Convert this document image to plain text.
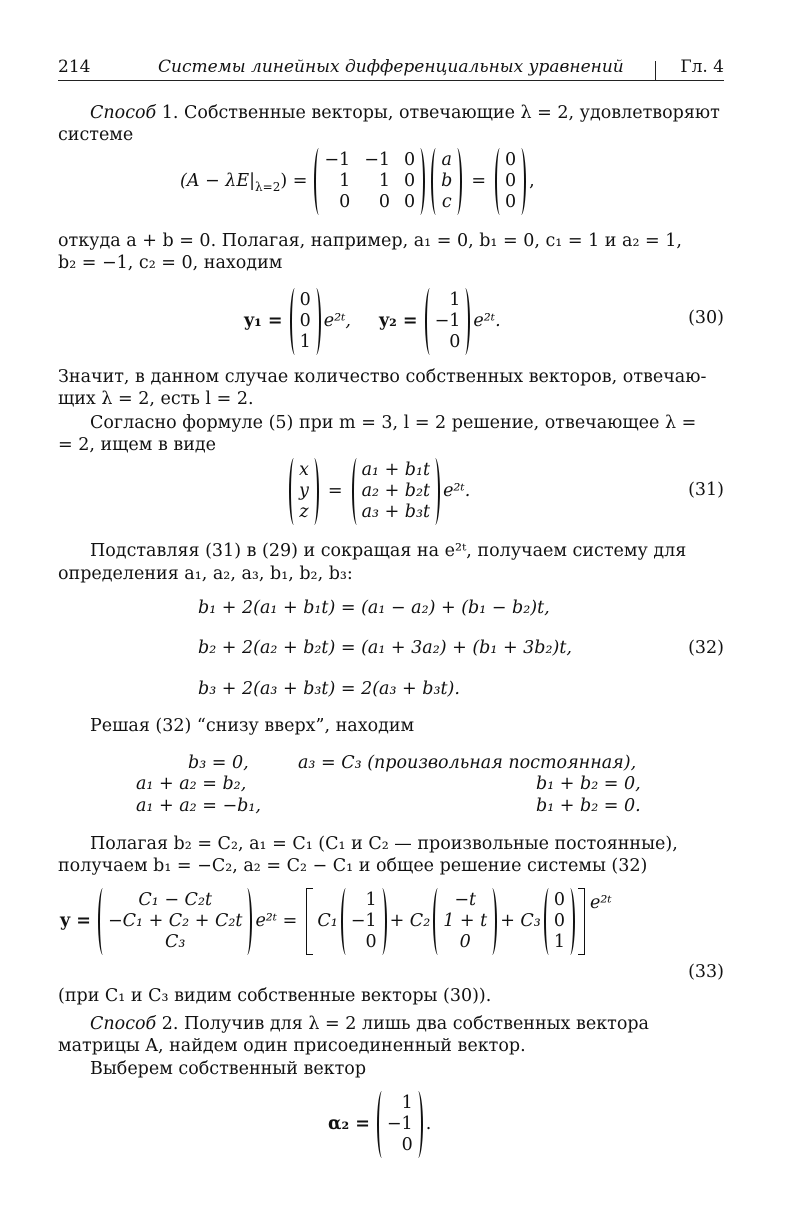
214	Системы линейных дифференциальных уравнений	Гл. 4
Способ 1. Собственные векторы, отвечающие λ = 2, удовлетворяют
системе
(A − λE| λ=2 ) =
−1 −1 0
1 1 0
0 0 0
a
b
c
=
0
0
0
,
откуда a + b = 0. Полагая, например, a₁ = 0, b₁ = 0, c₁ = 1 и a₂ = 1,
b₂ = −1, c₂ = 0, находим
y₁ =
0
0
1
e²ᵗ, y₂ =
1
−1
0
e²ᵗ.	(30)
Значит, в данном случае количество собственных векторов, отвечаю-
щих λ = 2, есть l = 2.
Согласно формуле (5) при m = 3, l = 2 решение, отвечающее λ =
= 2, ищем в виде
x
y
z
=
a₁ + b₁t
a₂ + b₂t
a₃ + b₃t
e²ᵗ.	(31)
Подставляя (31) в (29) и сокращая на e²ᵗ, получаем систему для
определения a₁, a₂, a₃, b₁, b₂, b₃:
b₁ + 2(a₁ + b₁t) = (a₁ − a₂) + (b₁ − b₂)t,
b₂ + 2(a₂ + b₂t) = (a₁ + 3a₂) + (b₁ + 3b₂)t,	(32)
b₃ + 2(a₃ + b₃t) = 2(a₃ + b₃t).
Решая (32) “снизу вверх”, находим
b₃ = 0,	a₃ = C₃ (произвольная постоянная),
a₁ + a₂ = b₂,	b₁ + b₂ = 0,
a₁ + a₂ = −b₁,	b₁ + b₂ = 0.
Полагая b₂ = C₂, a₁ = C₁ (C₁ и C₂ — произвольные постоянные),
получаем b₁ = −C₂, a₂ = C₂ − C₁ и общее решение системы (32)
y =
C₁ − C₂t
−C₁ + C₂ + C₂t
C₃
e²ᵗ = C₁
1
−1
0
+ C₂
−t
1 + t
0
+ C₃
0
0
1
e²ᵗ
(33)
(при C₁ и C₃ видим собственные векторы (30)).
Способ 2. Получив для λ = 2 лишь два собственных вектора
матрицы A, найдем один присоединенный вектор.
Выберем собственный вектор
α₂ =
1
−1
0
.
